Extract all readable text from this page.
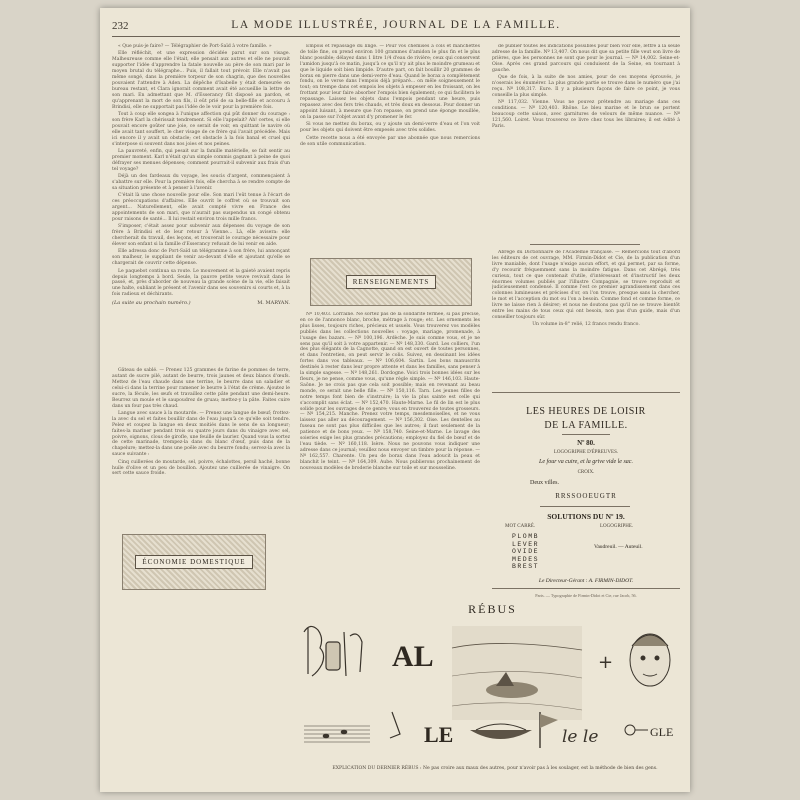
232	LA MODE ILLUSTRÉE, JOURNAL DE LA FAMILLE.

« Que puis-je faire? — Télégraphier de Port-Saïd à votre famille. »

Elle réfléchit, et une expression décidée parut sur son visage. Malheureuse comme elle l'était, elle pensait aux autres et elle ne pouvait supporter l'idée d'apprendre la fatale nouvelle au père de son mari par le moyen brutal du télégraphe... Puis, il fallait tout prévoir. Elle n'avait pas même songé, dans la première torpeur de son chagrin, que des nouvelles pouvaient l'attendre à Aden. La dépêche d'Isabelle y était demeurée en bureau restant, et Clara ignorait comment avait été accueillie la lettre de son mari. En admettant que M. d'Esserancy fût disposé au pardon, et qu'apprenant la mort de son fils, il eût prié de sa belle-fille et accouru à Brindisi, elle ne supportait pas l'idée de le voir pour la première fois.

Tout à coup elle songea à l'unique affection qui pût donner du courage : son frère Karl la chérissait tendrement. Si elle l'appelait? Ah! certes, si elle pouvait encore goûter une joie, ce serait de voir, en quittant le navire où elle avait tant souffert, le cher visage de ce frère qui l'avait précédée. Mais ici encore il y avait un obstacle; cet obstacle à la fois banal et cruel qui s'interpose si souvent dans nos joies et nos peines.

La pauvreté, enfin, qui pesait sur la famille matérielle, se fait sentir au premier moment. Karl n'était qu'un simple commis gagnant à peine de quoi défrayer ses menues dépenses; comment pourrait-il subvenir aux frais d'un tel voyage?

Déjà un des fardeaux du voyage, les soucis d'argent, commençaient à s'abattre sur elle. Pour la première fois, elle chercha à se rendre compte de sa situation présente et à penser à l'avenir.

C'était là une chose nouvelle pour elle. Son mari l'eût tenue à l'écart de ces préoccupations d'affaires. Elle ouvrit le coffret où se trouvait son argent... Naturellement, elle avait compté vivre en France des appointements de son mari, que n'aurait pas suspendus un congé obtenu pour raisons de santé... Il lui restait environ trois mille francs.

S'imposer, c'était assez pour subvenir aux dépenses du voyage de son frère à Brindisi et de leur retour à Vienne... Là, elle avisera: elle chercherait du travail, des leçons, et trouverait le courage nécessaire pour élever son enfant si la famille d'Esserancy refusait de lui venir en aide.

Elle adressa donc de Port-Saïd un télégramme à son frère, lui annonçant son malheur, le suppliant de venir au-devant d'elle et ajoutant qu'elle se chargerait de couvrir cette dépense.

Le paquebot continua sa route. Le mouvement et la gaieté avaient repris depuis longtemps à bord. Seule, la pauvre petite veuve revivait dans le passé, et, près d'aborder de nouveau la grande scène de la vie, elle faisait une halte, oubliant le présent et l'avenir dans ses souvenirs si courts et, à la fois radieux et déchirants.

(La suite au prochain numéro.)	M. MARYAN.

Gâteau de sablé. — Prenez 125 grammes de farine de pommes de terre, autant de sucre pilé, autant de beurre, trois jaunes et deux blancs d'œufs. Mettez de l'eau chaude dans une terrine, le beurre dans un saladier et celui-ci dans la terrine pour ramener le beurre à l'état de crème. Ajoutez le sucre, la fécule, les œufs et travaillez cette pâte pendant une demi-heure. Beurrez un moule et le saupoudrez de gruau; mettez-y la pâte. Faites cuire dans un four pas très chaud.

Langue avec sauce à la moutarde. — Prenez une langue de bœuf; frottez-la avec du sel et faites bouillir dans de l'eau jusqu'à ce qu'elle soit tendre. Pelez et coupez la langue en deux moitiés dans le sens de sa longueur; faites-la mariner pendant trois ou quatre jours dans du vinaigre avec sel, poivre, oignons, clous de girofle, une feuille de laurier. Quand vous la sortez de cette marinade, trempez-la dans du blanc d'œuf, puis dans de la chapelure; mettez-la dans une poêle avec du beurre fondu; servez-la avec la sauce suivante :

Cinq cuillerées de moutarde, sel, poivre, échalottes, persil haché, bonne huile d'olive et un peu de bouillon. Ajoutez une cuillerée de vinaigre. On sert cette sauce froide.

ÉCONOMIE DOMESTIQUE

Empois et repassage du linge. — Pour vos chemises à cols et manchettes de toile fine, on prend environ 100 grammes d'amidon le plus fin et le plus blanc possible; délayez dans 1 litre 1/4 d'eau de rivière; ceux qui conservent l'amidon jusqu'à ce matin, jusqu'à ce qu'il n'y ait plus le moindre grumeau et que le liquide soit bien limpide. D'autre part, on fait bouillir 20 grammes de borax en pierre dans une demi-verre d'eau. Quand le borax a complètement fondu, on le verse dans l'empois déjà préparé... on mêle soigneusement le tout; on trempe dans cet empois les objets à empeser en les froissant, on les frottant pour leur faire absorber l'empois bien également; ce qui facilitera le repassage. Laissez les objets dans l'empois pendant une heure, puis repassez avec des fers très chauds, et très doux en dessous. Pour donner un appoint luisant, à mesure que l'on repasse, on prend une éponge mouillée, on la passe sur l'objet avant d'y promener le fer.

Si vous ne mettez du borax, ou y ajoute un demi-verre d'eau et l'on voit pour les objets qui doivent être empesés avec très solides.

Cette recette nous a été envoyée par une abonnée que nous remercions de son utile communication.

RENSEIGNEMENTS

Nº 10,403. Lorraine. Ne sortez pas de la solidarité fermée, si pas précise, en ce de l'annonce blanc, broche, métrage à rouge; etc. Les ornements les plus lisses, toujours riches, précieux et usuels. Vous trouverez vos modèles publiés dans les collections nouvelles : voyage, mariage, promenade, à l'usage des bazars. — Nº 100,196. Ardèche. Je suis comme vous, et je ne sens pas qu'il soit à votre appartenir. — Nº 148,330. Gard. Les colliers, l'un des plus élégants de la Cagnotte, quand on est ouvert de toutes personnes, et dans l'entretien, on peut servir le colis. Suivez, en dessinant les idées fortes dans vos tableaux. — Nº 106,604. Sartin. Les bons manuscrits destinés à rester dans leur propre attente et dans les familles, sans penser à la simple sagesse. — Nº 148,261. Dordogne. Voici trois bonnes idées sur les fleurs, je ne pense, comme vous, qu'une règle simple. — Nº 146,103. Haute-Saône. Je ne crois pas que cela soit possible; mais en revenant au beau monde, ce serait une belle fille. — Nº 150,116. Tarn. Les jeunes filles de notre temps font bien de s'instruire; la vie la plus sainte est celle qui s'accomplit sans éclat. — Nº 152,470. Haute-Marne. Le fil de lin est le plus solide pour les ouvrages de ce genre; vous en trouverez de toutes grosseurs. — Nº 154,215. Manche. Prenez votre temps, mesdemoiselles, et ne vous laissez pas aller au découragement. — Nº 156,302. Oise. Les dentelles au fuseau ne sont pas plus difficiles que les autres; il faut seulement de la patience et de bons yeux. — Nº 158,740. Seine-et-Marne. Le lavage des soieries exige les plus grandes précautions; employez du fiel de bœuf et de l'eau tiède. — Nº 160,118. Isère. Nous ne pouvons vous indiquer une adresse dans ce journal; veuillez nous envoyer un timbre pour la réponse. — Nº 162,557. Charente. Un peu de borax dans l'eau adoucit la peau et blanchit le teint. — Nº 164,309. Aube. Nous publierons prochainement de nouveaux modèles de broderie blanche sur toile et sur mousseline.

de publier toutes les indications possibles pour bien voir elle, lettre à la seule adresse de la famille. Nº 13,407. On nous dit que sa petite fille veut son livre de prières, que les personnes ne sont que pour le journal. — Nº 14,002. Seine-et-Oise. Après ces grand parcours qui conduisent de la Seine, en tournant à gauche.

Que de fois, à la suite de nos amies, pour de ces moyens éprouvés, je n'oserais les énumérer. La plus grande partie se trouve dans le numéro que j'ai reçu. Nº 108,317. Eure. Il y a plusieurs façons de faire ce point, je vous conseille la plus simple.

Nº 117,032. Vienne. Vous ne pouvez prétendre au mariage dans ces conditions. — Nº 120,403. Rhône. Le bleu marine et le brun se portent beaucoup cette saison, avec garnitures de velours de même nuance. — Nº 121,560. Loiret. Vous trouverez ce livre chez tous les libraires; il est édité à Paris.

Abrégé du Dictionnaire de l'Académie française. — Remercions tout d'abord les éditeurs de cet ouvrage, MM. Firmin-Didot et Cie, de la publication d'un livre maniable, dont l'usage n'exige aucun effort, et qui permet, par sa forme, d'y recourir fréquemment sans la moindre fatigue. Dans cet Abrégé, très curieux, tout ce que contenait d'utile, d'intéressant et d'instructif les deux énormes volumes publiés par l'illustre Compagnie, se trouve reproduit et judicieusement condensé. Il comme l'est ce premier agrandissement dans ces colonnes lumineuses et précises d'or, on l'on trouve, presque sans la chercher, le mot et l'acception du mot ou l'on a besoin. Comme fond et comme forme, ce livre ne laisse rien à désirer; et nous ne doutons pas qu'il ne se trouve bientôt entre les mains de tous ceux qui ont besoin, non pas d'un guide, mais d'un conseiller toujours sûr.

Un volume in-8° relié, 12 francs rendu franco.

LES HEURES DE LOISIR
DE LA FAMILLE.
Nº 80.
LOGOGRIPHE D'ÉPREUVES.
Le four va cuire, et la grive vide le sac.
CROIX.
Deux villes.
RRSSOOEUGTR
SOLUTIONS DU Nº 19.
MOT CARRÉ.	LOGOGRIPHE.
PLOMB
LEVER
OVIDE
MEDES
BREST
Vaudreuil. — Auteuil.
Le Directeur-Gérant : A. FIRMIN-DIDOT.
Paris. — Typographie de Firmin-Didot et Cie, rue Jacob, 56.
RÉBUS
AL	+
LE	le le	GLE
EXPLICATION DU DERNIER RÉBUS : Ne pas croire aux maux des autres, pour n'avoir pas à les soulager, est la méthode de bien des gens.
